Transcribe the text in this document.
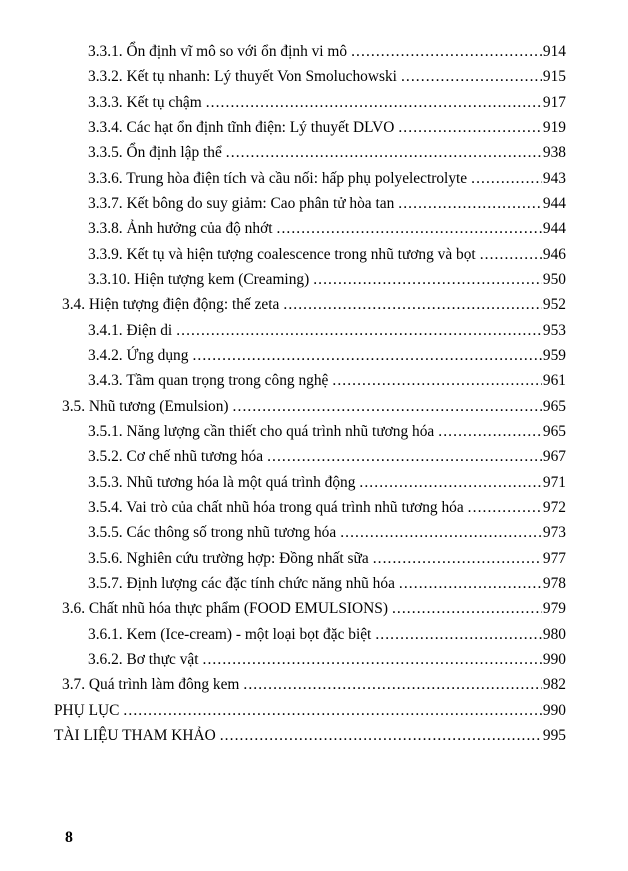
3.3.1. Ổn định vĩ mô so với ổn định vi mô .....	914
3.3.2. Kết tụ nhanh: Lý thuyết Von Smoluchowski .....	915
3.3.3. Kết tụ chậm .....	917
3.3.4. Các hạt ổn định tĩnh điện: Lý thuyết DLVO .....	919
3.3.5. Ổn định lập thể .....	938
3.3.6. Trung hòa điện tích và cầu nối: hấp phụ polyelectrolyte .....	943
3.3.7. Kết bông do suy giảm: Cao phân tử hòa tan .....	944
3.3.8. Ảnh hưởng của độ nhớt .....	944
3.3.9. Kết tụ và hiện tượng coalescence trong nhũ tương và bọt .....	946
3.3.10. Hiện tượng kem (Creaming) .....	950
3.4. Hiện tượng điện động: thế zeta .....	952
3.4.1. Điện di .....	953
3.4.2. Ứng dụng .....	959
3.4.3. Tầm quan trọng trong công nghệ .....	961
3.5. Nhũ tương (Emulsion) .....	965
3.5.1. Năng lượng cần thiết cho quá trình nhũ tương hóa .....	965
3.5.2. Cơ chế nhũ tương hóa .....	967
3.5.3. Nhũ tương hóa là một quá trình động .....	971
3.5.4. Vai trò của chất nhũ hóa trong quá trình nhũ tương hóa .....	972
3.5.5. Các thông số trong nhũ tương hóa .....	973
3.5.6. Nghiên cứu trường hợp: Đồng nhất sữa .....	977
3.5.7. Định lượng các đặc tính chức năng nhũ hóa .....	978
3.6. Chất nhũ hóa thực phẩm (FOOD EMULSIONS) .....	979
3.6.1. Kem (Ice-cream) - một loại bọt đặc biệt .....	980
3.6.2. Bơ thực vật .....	990
3.7. Quá trình làm đông kem .....	982
PHỤ LỤC .....	990
TÀI LIỆU THAM KHẢO .....	995
8
